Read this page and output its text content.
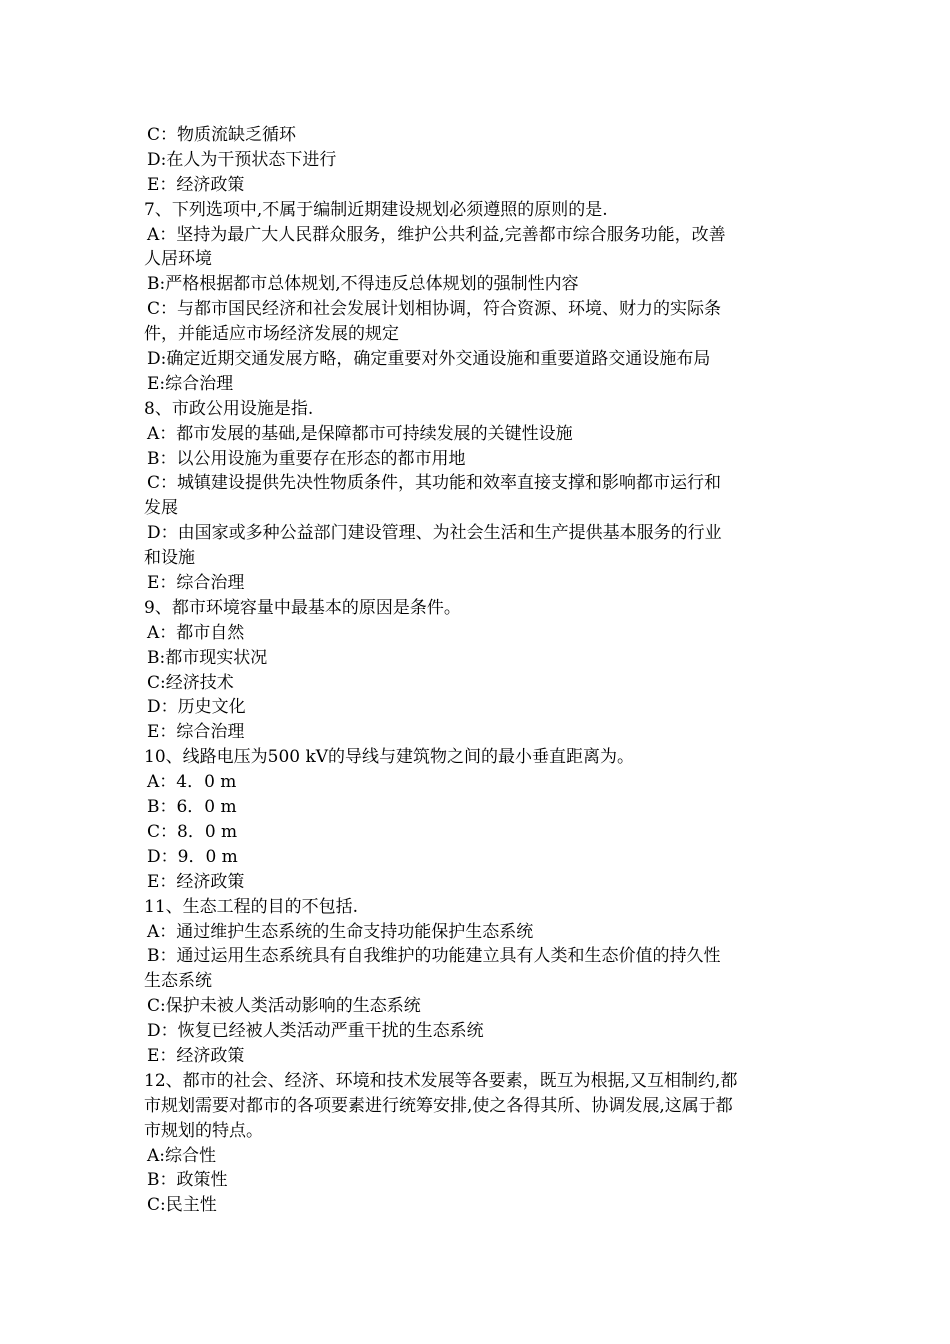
C：物质流缺乏循环
D:在人为干预状态下进行
E：经济政策
7、下列选项中,不属于编制近期建设规划必须遵照的原则的是.
A：坚持为最广大人民群众服务，维护公共利益,完善都市综合服务功能，改善
人居环境
B:严格根据都市总体规划,不得违反总体规划的强制性内容
C：与都市国民经济和社会发展计划相协调，符合资源、环境、财力的实际条
件，并能适应市场经济发展的规定
D:确定近期交通发展方略，确定重要对外交通设施和重要道路交通设施布局
E:综合治理
8、市政公用设施是指.
A：都市发展的基础,是保障都市可持续发展的关键性设施
B：以公用设施为重要存在形态的都市用地
C：城镇建设提供先决性物质条件，其功能和效率直接支撑和影响都市运行和
发展
D：由国家或多种公益部门建设管理、为社会生活和生产提供基本服务的行业
和设施
E：综合治理
9、都市环境容量中最基本的原因是条件。
A：都市自然
B:都市现实状况
C:经济技术
D：历史文化
E：综合治理
10、线路电压为500 kV的导线与建筑物之间的最小垂直距离为。
A：4．0 m
B：6．0 m
C：8．0 m
D：9．0 m
E：经济政策
11、生态工程的目的不包括.
A：通过维护生态系统的生命支持功能保护生态系统
B：通过运用生态系统具有自我维护的功能建立具有人类和生态价值的持久性
生态系统
C:保护未被人类活动影响的生态系统
D：恢复已经被人类活动严重干扰的生态系统
E：经济政策
12、都市的社会、经济、环境和技术发展等各要素，既互为根据,又互相制约,都
市规划需要对都市的各项要素进行统筹安排,使之各得其所、协调发展,这属于都
市规划的特点。
A:综合性
B：政策性
C:民主性
